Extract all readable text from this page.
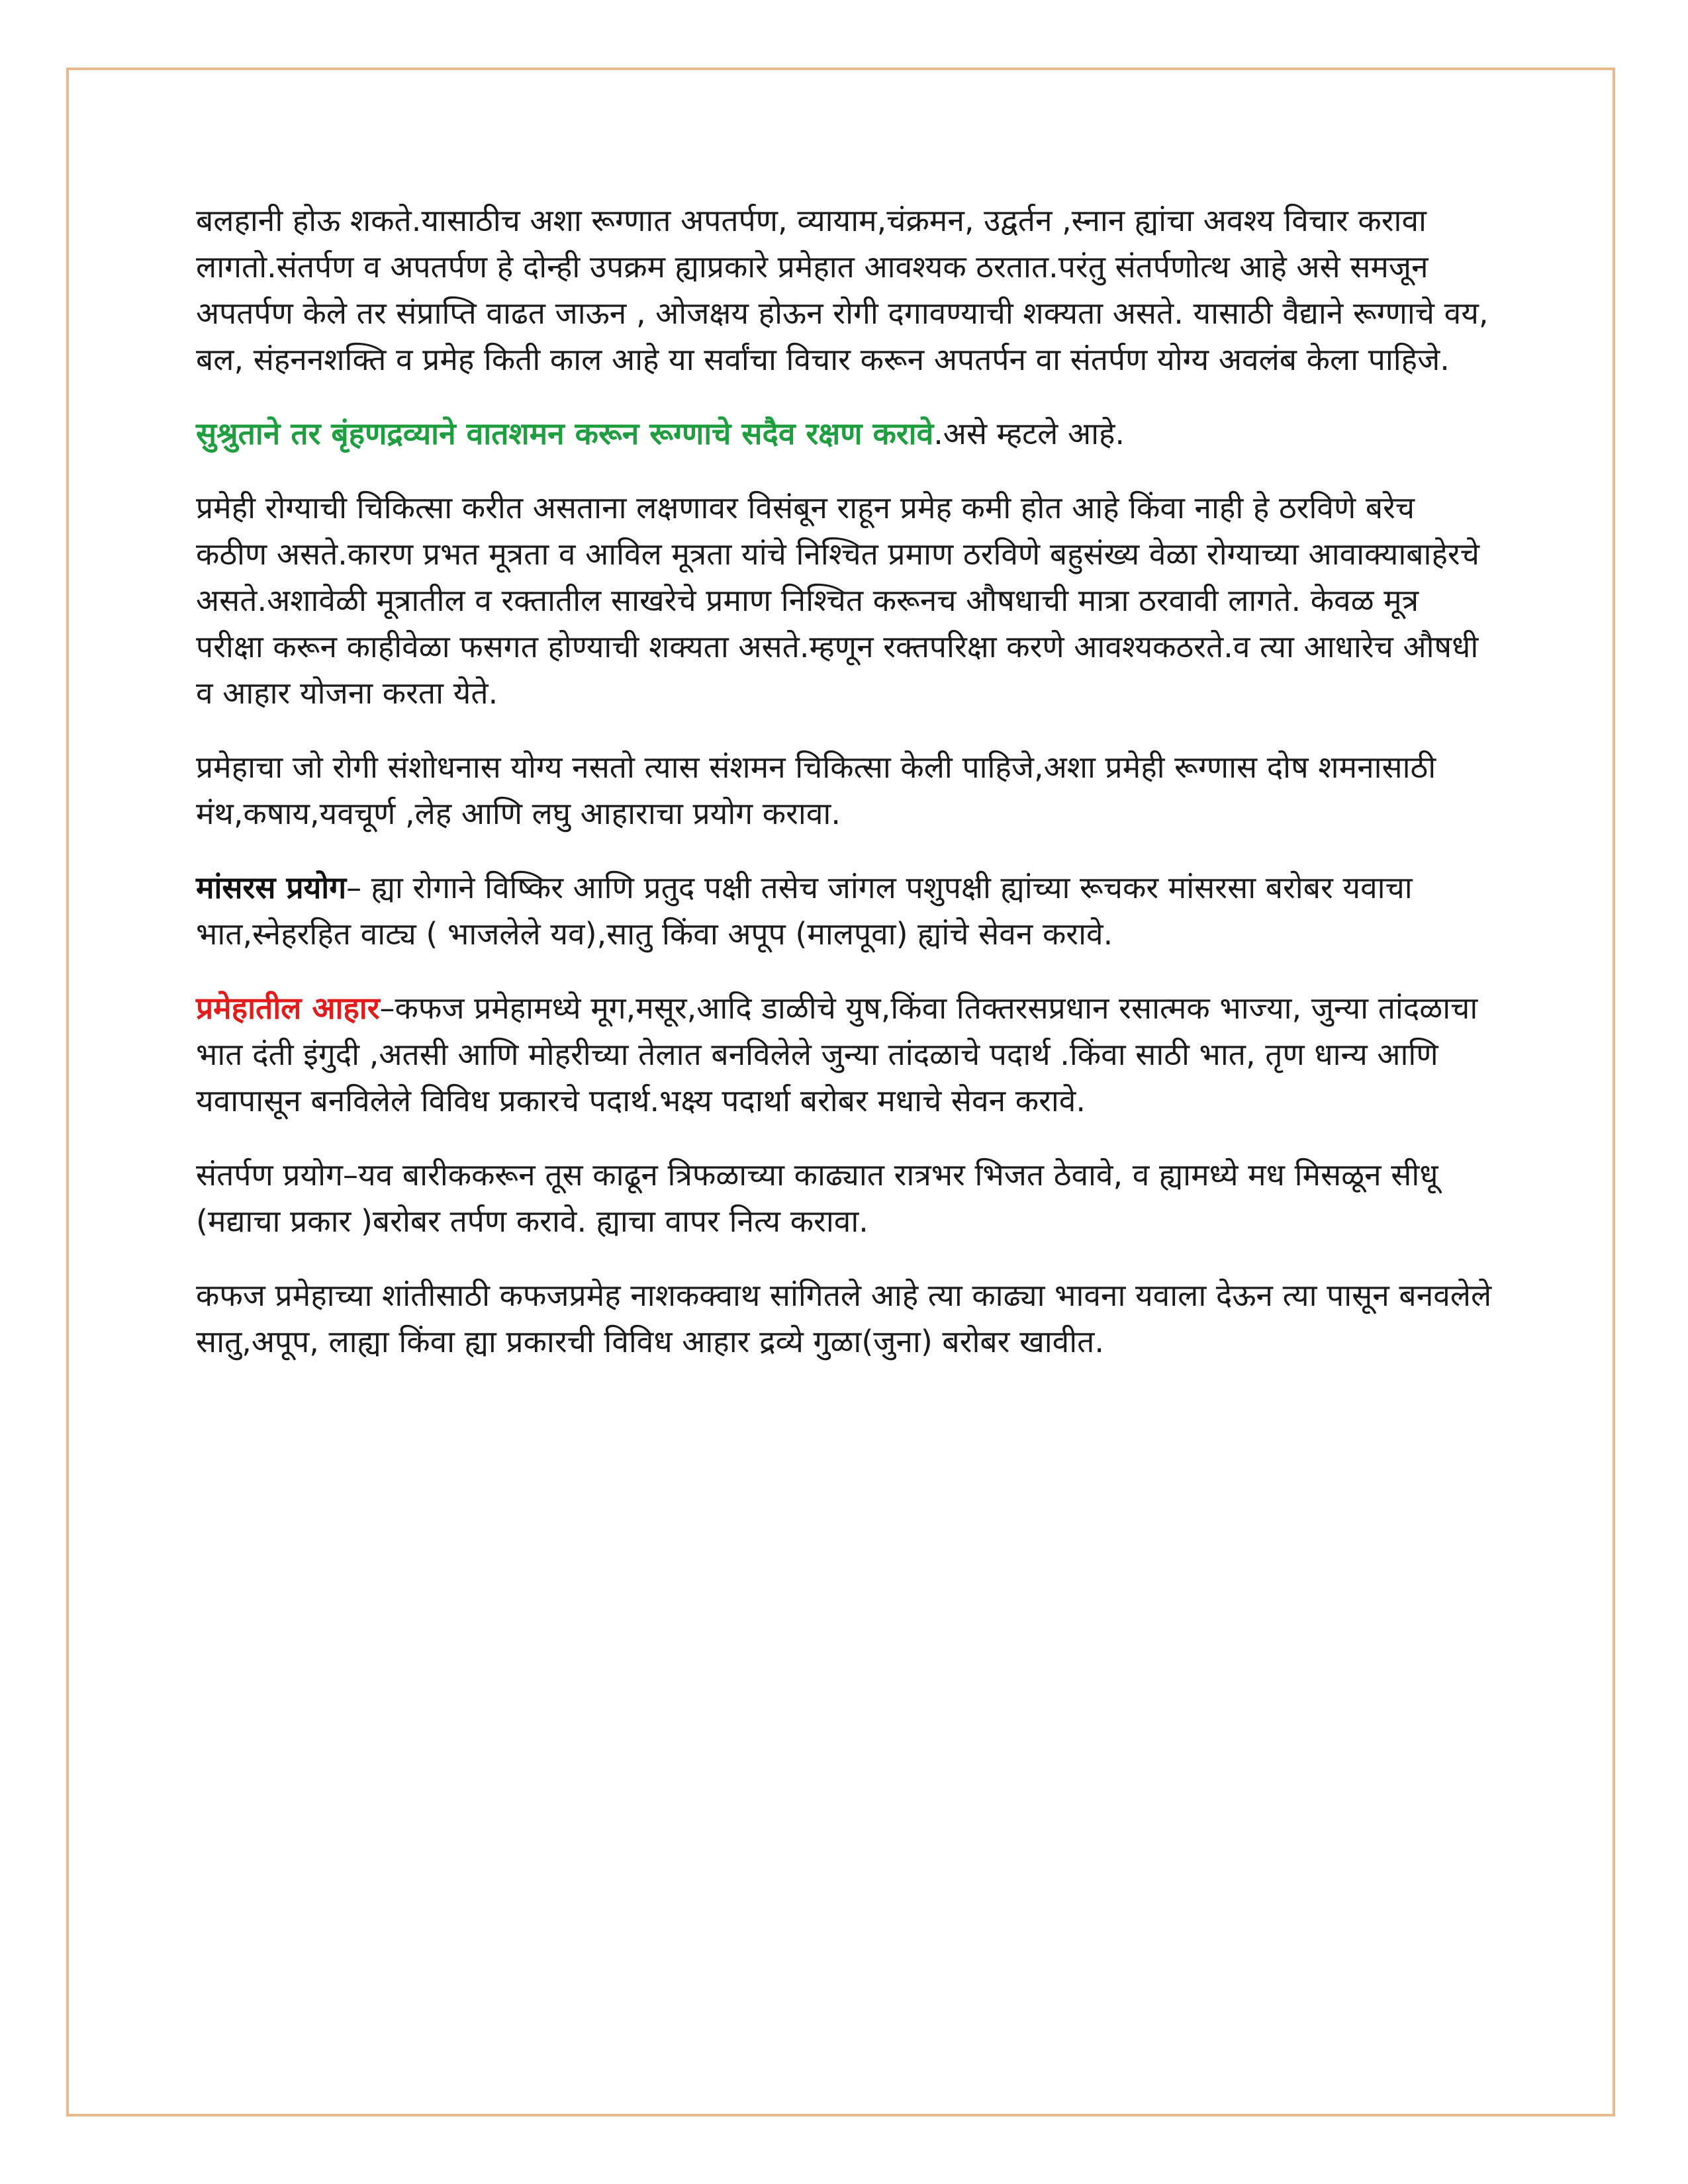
बलहानी होऊ शकते.यासाठीच अशा रूग्णात अपतर्पण, व्यायाम,चंक्रमन, उद्वर्तन ,स्नान ह्यांचा अवश्य विचार करावा लागतो.संतर्पण व अपतर्पण हे दोन्ही उपक्रम ह्याप्रकारे प्रमेहात आवश्यक ठरतात.परंतु संतर्पणोत्थ आहे असे समजून अपतर्पण केले तर संप्राप्ति वाढत जाऊन , ओजक्षय होऊन रोगी दगावण्याची शक्यता असते. यासाठी वैद्याने रूग्णाचे वय, बल, संहननशक्ति व प्रमेह किती काल आहे या सर्वांचा विचार करून अपतर्पन वा संतर्पण योग्य अवलंब केला पाहिजे.

सुश्रुताने तर बृंहणद्रव्याने वातशमन करून रूग्णाचे सदैव रक्षण करावे.असे म्हटले आहे.

प्रमेही रोग्याची चिकित्सा करीत असताना लक्षणावर विसंबून राहून प्रमेह कमी होत आहे किंवा नाही हे ठरविणे बरेच कठीण असते.कारण प्रभत मूत्रता व आविल मूत्रता यांचे निश्चित प्रमाण ठरविणे बहुसंख्य वेळा रोग्याच्या आवाक्याबाहेरचे असते.अशावेळी मूत्रातील व रक्तातील साखरेचे प्रमाण निश्चित करूनच औषधाची मात्रा ठरवावी लागते. केवळ मूत्र परीक्षा करून काहीवेळा फसगत होण्याची शक्यता असते.म्हणून रक्तपरिक्षा करणे आवश्यकठरते.व त्या आधारेच औषधी व आहार योजना करता येते.

प्रमेहाचा जो रोगी संशोधनास योग्य नसतो त्यास संशमन चिकित्सा केली पाहिजे,अशा प्रमेही रूग्णास दोष शमनासाठी मंथ,कषाय,यवचूर्ण ,लेह आणि लघु आहाराचा प्रयोग करावा.

मांसरस प्रयोग– ह्या रोगाने विष्किर आणि प्रतुद पक्षी तसेच जांगल पशुपक्षी ह्यांच्या रूचकर मांसरसा बरोबर यवाचा भात,स्नेहरहित वाट्य ( भाजलेले यव),सातु किंवा अपूप (मालपूवा) ह्यांचे सेवन करावे.

प्रमेहातील आहार–कफज प्रमेहामध्ये मूग,मसूर,आदि डाळीचे युष,किंवा तिक्तरसप्रधान रसात्मक भाज्या, जुन्या तांदळाचा भात दंती इंगुदी ,अतसी आणि मोहरीच्या तेलात बनविलेले जुन्या तांदळाचे पदार्थ .किंवा साठी भात, तृण धान्य आणि यवापासून बनविलेले विविध प्रकारचे पदार्थ.भक्ष्य पदार्था बरोबर मधाचे सेवन करावे.

संतर्पण प्रयोग–यव बारीककरून तूस काढून त्रिफळाच्या काढ्यात रात्रभर भिजत ठेवावे, व ह्यामध्ये मध मिसळून सीधू (मद्याचा प्रकार )बरोबर तर्पण करावे. ह्याचा वापर नित्य करावा.

कफज प्रमेहाच्या शांतीसाठी कफजप्रमेह नाशकक्वाथ सांगितले आहे त्या काढ्या भावना यवाला देऊन त्या पासून बनवलेले सातु,अपूप, लाह्या किंवा ह्या प्रकारची विविध आहार द्रव्ये गुळा(जुना) बरोबर खावीत.
